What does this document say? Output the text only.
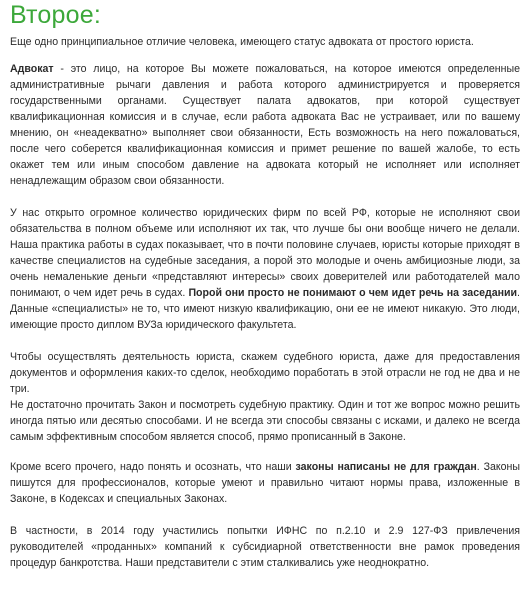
Второе:

Еще одно принципиальное отличие человека, имеющего статус адвоката от простого юриста.

Адвокат - это лицо, на которое Вы можете пожаловаться, на которое имеются определенные административные рычаги давления и работа которого администрируется и проверяется государственными органами. Существует палата адвокатов, при которой существует квалификационная комиссия и в случае, если работа адвоката Вас не устраивает, или по вашему мнению, он «неадекватно» выполняет свои обязанности, Есть возможность на него пожаловаться, после чего соберется квалификационная комиссия и примет решение по вашей жалобе, то есть окажет тем или иным способом давление на адвоката который не исполняет или исполняет ненадлежащим образом свои обязанности.

У нас открыто огромное количество юридических фирм по всей РФ, которые не исполняют свои обязательства в полном объеме или исполняют их так, что лучше бы они вообще ничего не делали. Наша практика работы в судах показывает, что в почти половине случаев, юристы которые приходят в качестве специалистов на судебные заседания, а порой это молодые и очень амбициозные люди, за очень немаленькие деньги «представляют интересы» своих доверителей или работодателей мало понимают, о чем идет речь в судах. Порой они просто не понимают о чем идет речь на заседании. Данные «специалисты» не то, что имеют низкую квалификацию, они ее не имеют никакую. Это люди, имеющие просто диплом ВУЗа юридического факультета.

Чтобы осуществлять деятельность юриста, скажем судебного юриста, даже для предоставления документов и оформления каких-то сделок, необходимо поработать в этой отрасли не год не два и не три.

Не достаточно прочитать Закон и посмотреть судебную практику. Один и тот же вопрос можно решить иногда пятью или десятью способами. И не всегда эти способы связаны с исками, и далеко не всегда самым эффективным способом является способ, прямо прописанный в Законе.

Кроме всего прочего, надо понять и осознать, что наши законы написаны не для граждан. Законы пишутся для профессионалов, которые умеют и правильно читают нормы права, изложенные в Законе, в Кодексах и специальных Законах.

В частности, в 2014 году участились попытки ИФНС по п.2.10 и 2.9 127-ФЗ привлечения руководителей «проданных» компаний к субсидиарной ответственности вне рамок проведения процедур банкротства. Наши представители с этим сталкивались уже неоднократно.
